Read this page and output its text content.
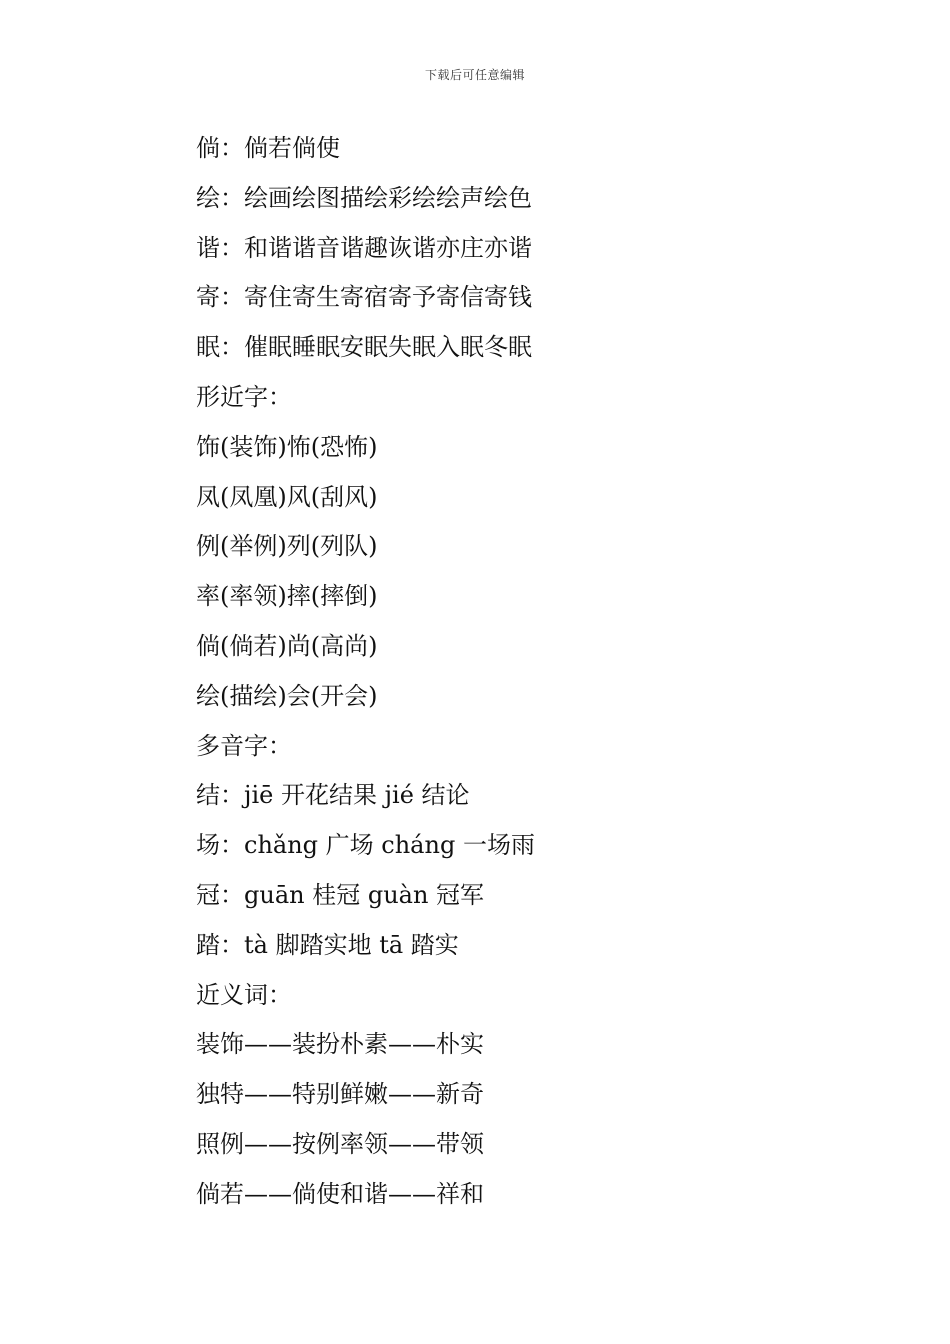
下载后可任意编辑
倘：倘若倘使
绘：绘画绘图描绘彩绘绘声绘色
谐：和谐谐音谐趣诙谐亦庄亦谐
寄：寄住寄生寄宿寄予寄信寄钱
眠：催眠睡眠安眠失眠入眠冬眠
形近字：
饰(装饰)怖(恐怖)
凤(凤凰)风(刮风)
例(举例)列(列队)
率(率领)摔(摔倒)
倘(倘若)尚(高尚)
绘(描绘)会(开会)
多音字：
结：jiē 开花结果 jié 结论
场：chǎng 广场 cháng 一场雨
冠：guān 桂冠 guàn 冠军
踏：tà 脚踏实地 tā 踏实
近义词：
装饰——装扮朴素——朴实
独特——特别鲜嫩——新奇
照例——按例率领——带领
倘若——倘使和谐——祥和
